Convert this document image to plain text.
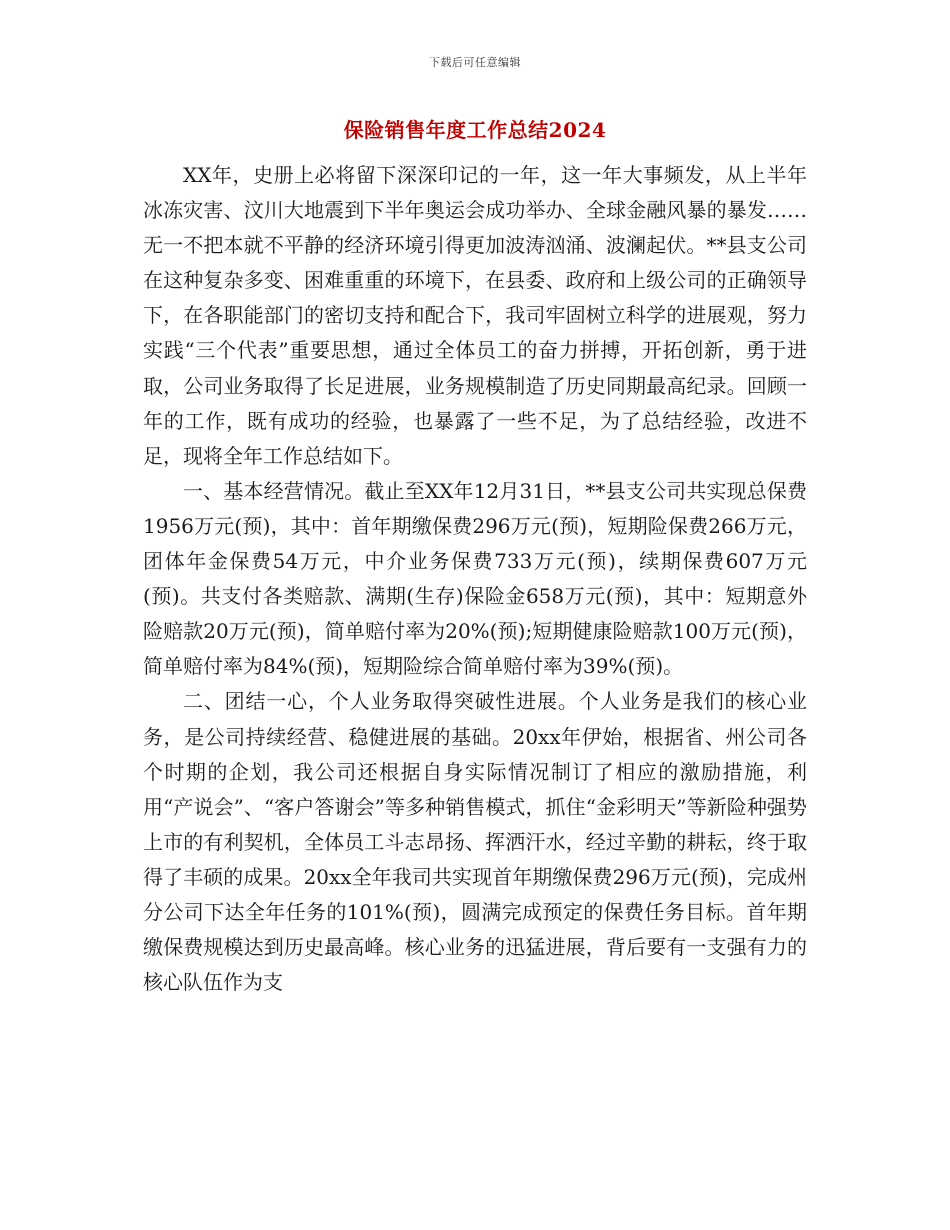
下载后可任意编辑
保险销售年度工作总结2024

XX年，史册上必将留下深深印记的一年，这一年大事频发，从上半年冰冻灾害、汶川大地震到下半年奥运会成功举办、全球金融风暴的暴发……无一不把本就不平静的经济环境引得更加波涛汹涌、波澜起伏。**县支公司在这种复杂多变、困难重重的环境下，在县委、政府和上级公司的正确领导下，在各职能部门的密切支持和配合下，我司牢固树立科学的进展观，努力实践“三个代表”重要思想，通过全体员工的奋力拼搏，开拓创新，勇于进取，公司业务取得了长足进展，业务规模制造了历史同期最高纪录。回顾一年的工作，既有成功的经验，也暴露了一些不足，为了总结经验，改进不足，现将全年工作总结如下。

一、基本经营情况。截止至XX年12月31日，**县支公司共实现总保费1956万元(预)，其中：首年期缴保费296万元(预)，短期险保费266万元，团体年金保费54万元，中介业务保费733万元(预)，续期保费607万元(预)。共支付各类赔款、满期(生存)保险金658万元(预)，其中：短期意外险赔款20万元(预)，简单赔付率为20%(预);短期健康险赔款100万元(预)，简单赔付率为84%(预)，短期险综合简单赔付率为39%(预)。

二、团结一心，个人业务取得突破性进展。个人业务是我们的核心业务，是公司持续经营、稳健进展的基础。20xx年伊始，根据省、州公司各个时期的企划，我公司还根据自身实际情况制订了相应的激励措施，利用“产说会”、“客户答谢会”等多种销售模式，抓住“金彩明天”等新险种强势上市的有利契机，全体员工斗志昂扬、挥洒汗水，经过辛勤的耕耘，终于取得了丰硕的成果。20xx全年我司共实现首年期缴保费296万元(预)，完成州分公司下达全年任务的101%(预)，圆满完成预定的保费任务目标。首年期缴保费规模达到历史最高峰。核心业务的迅猛进展，背后要有一支强有力的核心队伍作为支
